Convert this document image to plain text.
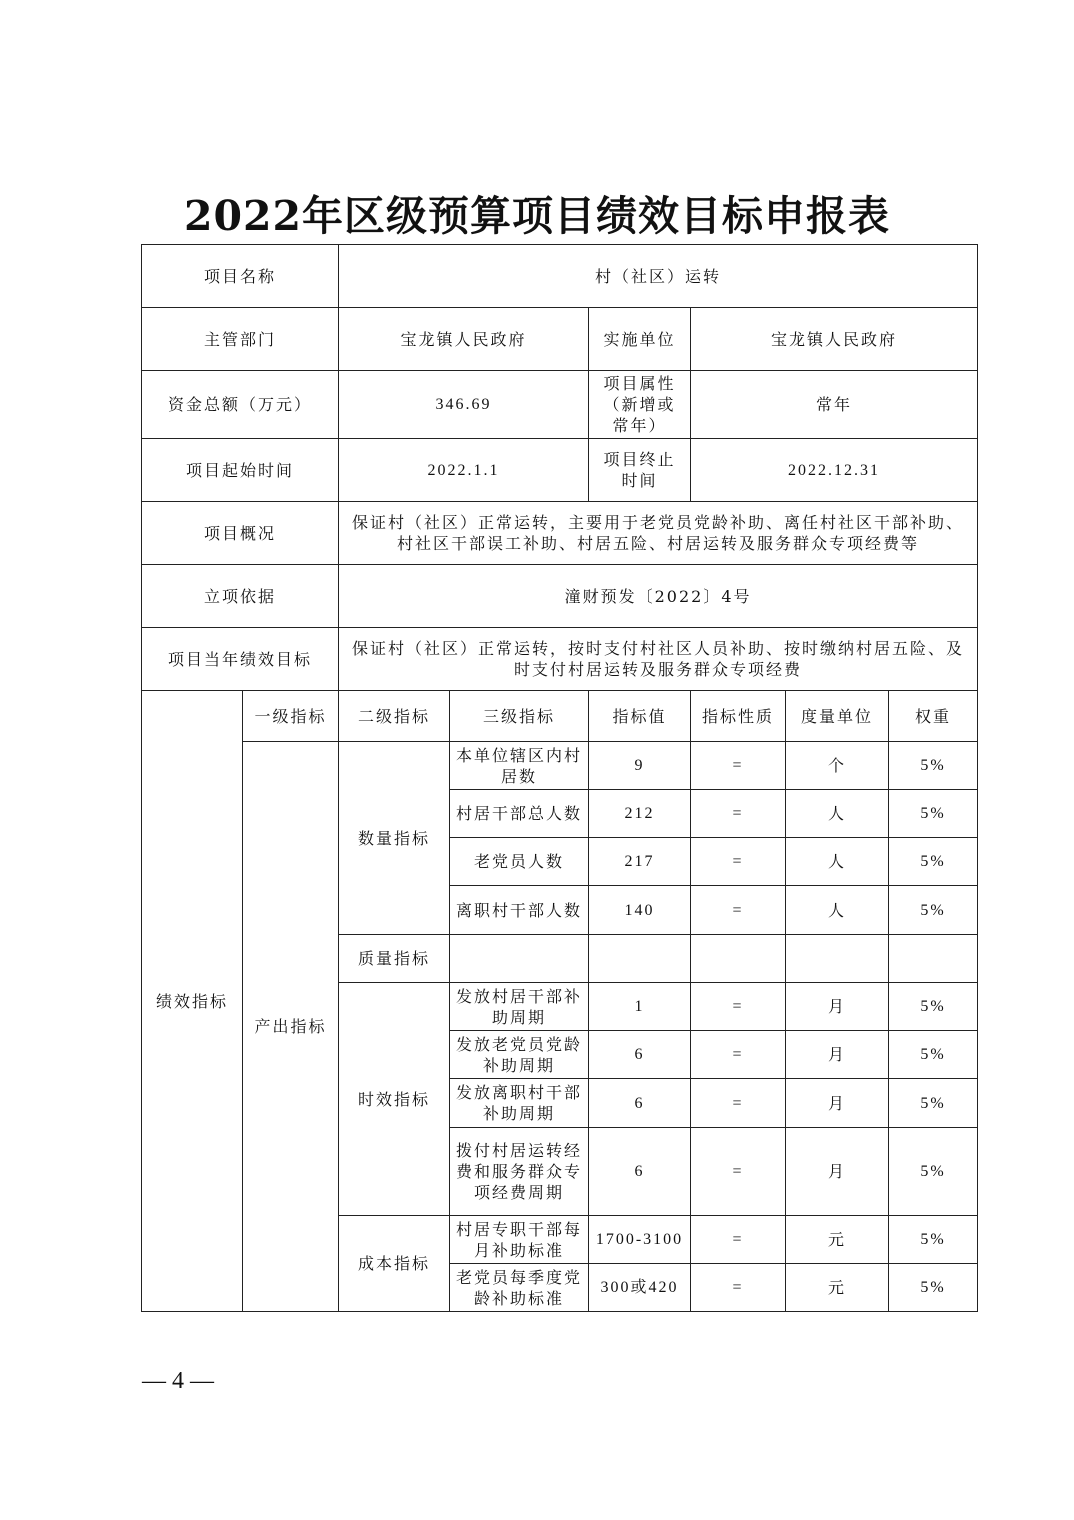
2022年区级预算项目绩效目标申报表
项目名称		村（社区）运转					
主管部门		宝龙镇人民政府		实施单位	宝龙镇人民政府		
资金总额（万元）		346.69		项目属性（新增或常年）	常年		
项目起始时间		2022.1.1		项目终止时间	2022.12.31		
项目概况		保证村（社区）正常运转，主要用于老党员党龄补助、离任村社区干部补助、村社区干部误工补助、村居五险、村居运转及服务群众专项经费等					
立项依据		潼财预发〔2022〕4号					
项目当年绩效目标		保证村（社区）正常运转，按时支付村社区人员补助、按时缴纳村居五险、及时支付村居运转及服务群众专项经费					
绩效指标	一级指标	二级指标	三级指标	指标值	指标性质	度量单位	权重
	产出指标	数量指标	本单位辖区内村居数	9	=	个	5%
			村居干部总人数	212	=	人	5%
			老党员人数	217	=	人	5%
			离职村干部人数	140	=	人	5%
		质量指标					
		时效指标	发放村居干部补助周期	1	=	月	5%
			发放老党员党龄补助周期	6	=	月	5%
			发放离职村干部补助周期	6	=	月	5%
			拨付村居运转经费和服务群众专项经费周期	6	=	月	5%
		成本指标	村居专职干部每月补助标准	1700-3100	=	元	5%
			老党员每季度党龄补助标准	300或420	=	元	5%
— 4 —
